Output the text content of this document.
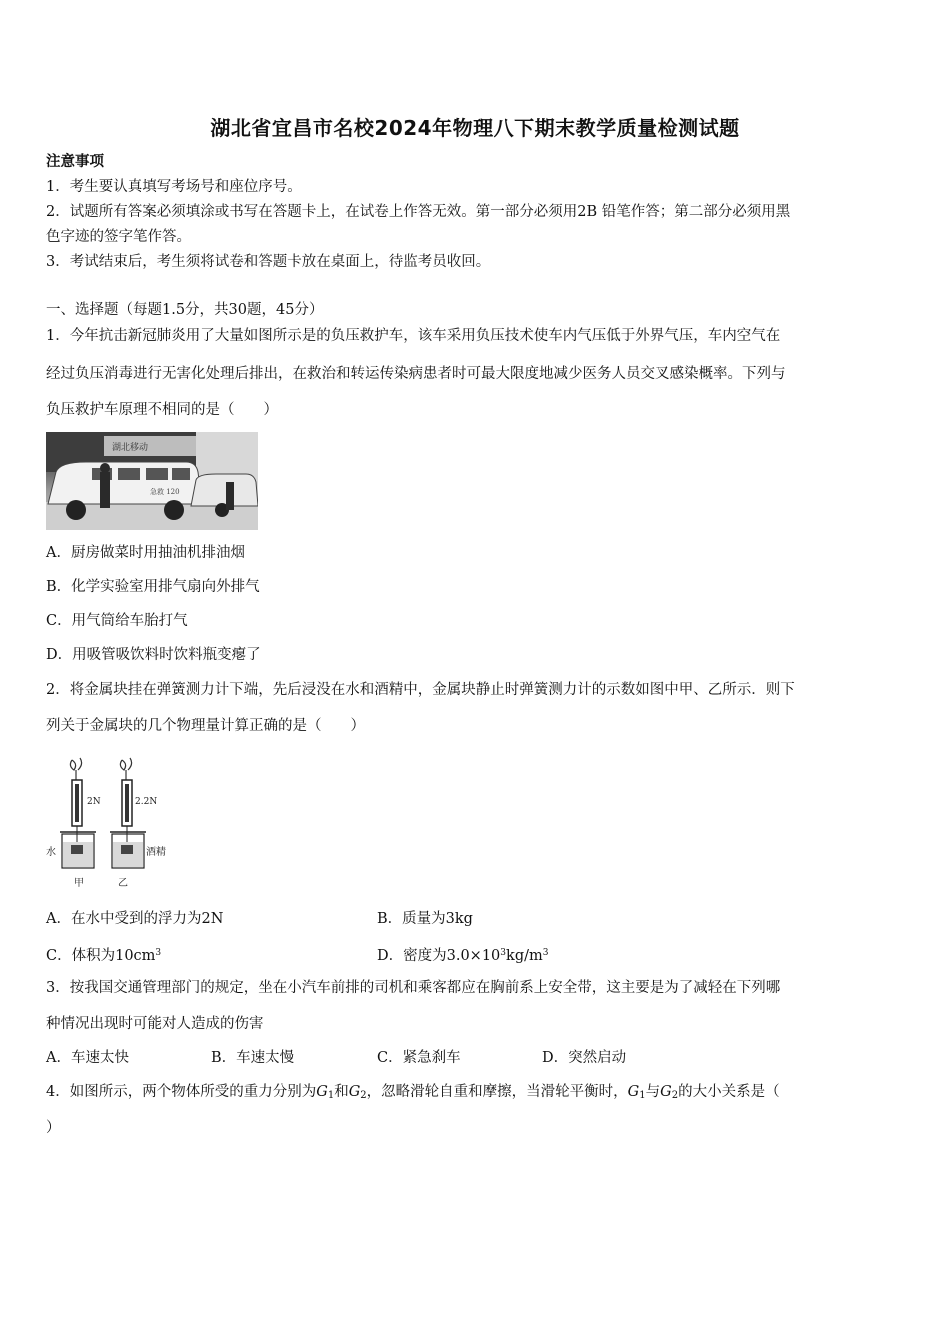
湖北省宜昌市名校2024年物理八下期末教学质量检测试题
注意事项
1．考生要认真填写考场号和座位序号。
2．试题所有答案必须填涂或书写在答题卡上，在试卷上作答无效。第一部分必须用2B 铅笔作答；第二部分必须用黑
色字迹的签字笔作答。
3．考试结束后，考生须将试卷和答题卡放在桌面上，待监考员收回。
一、选择题（每题1.5分，共30题，45分）
1．今年抗击新冠肺炎用了大量如图所示是的负压救护车，该车采用负压技术使车内气压低于外界气压，车内空气在
经过负压消毒进行无害化处理后排出，在救治和转运传染病患者时可最大限度地减少医务人员交叉感染概率。下列与
负压救护车原理不相同的是（　　）
湖北移动
急救 120
A．厨房做菜时用抽油机排油烟
B．化学实验室用排气扇向外排气
C．用气筒给车胎打气
D．用吸管吸饮料时饮料瓶变瘪了
2．将金属块挂在弹簧测力计下端，先后浸没在水和酒精中，金属块静止时弹簧测力计的示数如图中甲、乙所示．则下
列关于金属块的几个物理量计算正确的是（　　）
2N	2.2N
水	酒精
甲	乙
A．在水中受到的浮力为2N	B．质量为3kg
C．体积为$10cm^3$	D．密度为$3.0\times 10^3kg/m^3$
3．按我国交通管理部门的规定，坐在小汽车前排的司机和乘客都应在胸前系上安全带，这主要是为了减轻在下列哪
种情况出现时可能对人造成的伤害
A．车速太快	B．车速太慢	C．紧急刹车	D．突然启动
4．如图所示，两个物体所受的重力分别为$G_1$和$G_2$，忽略滑轮自重和摩擦，当滑轮平衡时，$G_1$与$G_2$的大小关系是（
）
